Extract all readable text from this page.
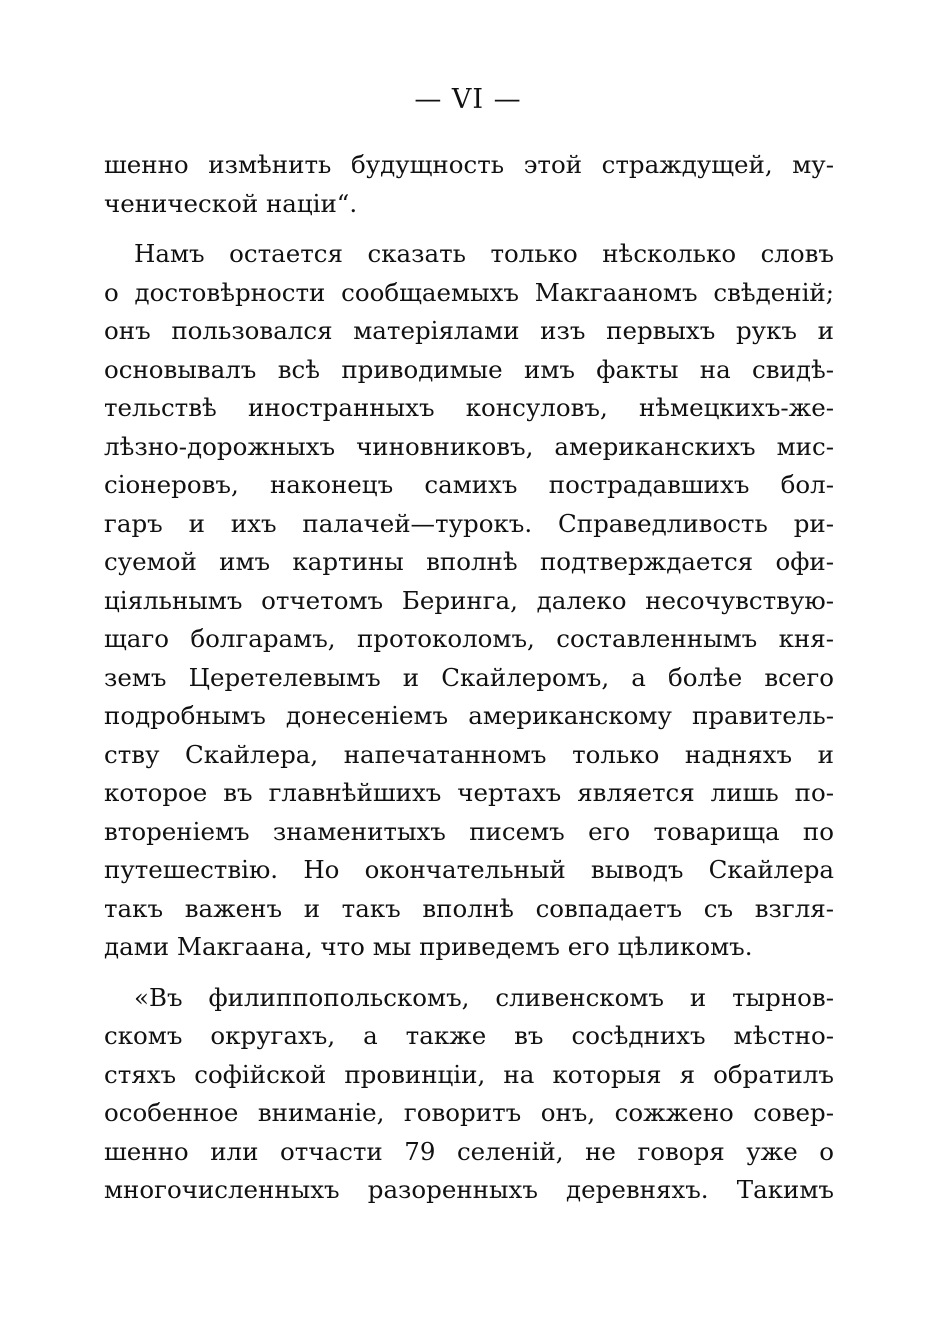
— VI —

шенно измѣнить будущность этой страждущей, му-
ченической націи“.

Намъ остается сказать только нѣсколько словъ
о достовѣрности сообщаемыхъ Макгааномъ свѣденій;
онъ пользовался матеріялами изъ первыхъ рукъ и
основывалъ всѣ приводимые имъ факты на свидѣ-
тельствѣ иностранныхъ консуловъ, нѣмецкихъ-же-
лѣзно-дорожныхъ чиновниковъ, американскихъ мис-
сіонеровъ, наконецъ самихъ пострадавшихъ бол-
гаръ и ихъ палачей—турокъ. Справедливость ри-
суемой имъ картины вполнѣ подтверждается офи-
ціяльнымъ отчетомъ Беринга, далеко несочувствую-
щаго болгарамъ, протоколомъ, составленнымъ кня-
земъ Церетелевымъ и Скайлеромъ, а болѣе всего
подробнымъ донесеніемъ американскому правитель-
ству Скайлера, напечатанномъ только надняхъ и
которое въ главнѣйшихъ чертахъ является лишь по-
вторенiемъ знаменитыхъ писемъ его товарища по
путешествію. Но окончательный выводъ Скайлера
такъ важенъ и такъ вполнѣ совпадаетъ съ взгля-
дами Макгаана, что мы приведемъ его цѣликомъ.

«Въ филиппопольскомъ, сливенскомъ и тырнов-
скомъ округахъ, а также въ сосѣднихъ мѣстно-
стяхъ софійской провинціи, на которыя я обратилъ
особенное вниманіе, говоритъ онъ, сожжено совер-
шенно или отчасти 79 селеній, не говоря уже о
многочисленныхъ разоренныхъ деревняхъ. Такимъ
